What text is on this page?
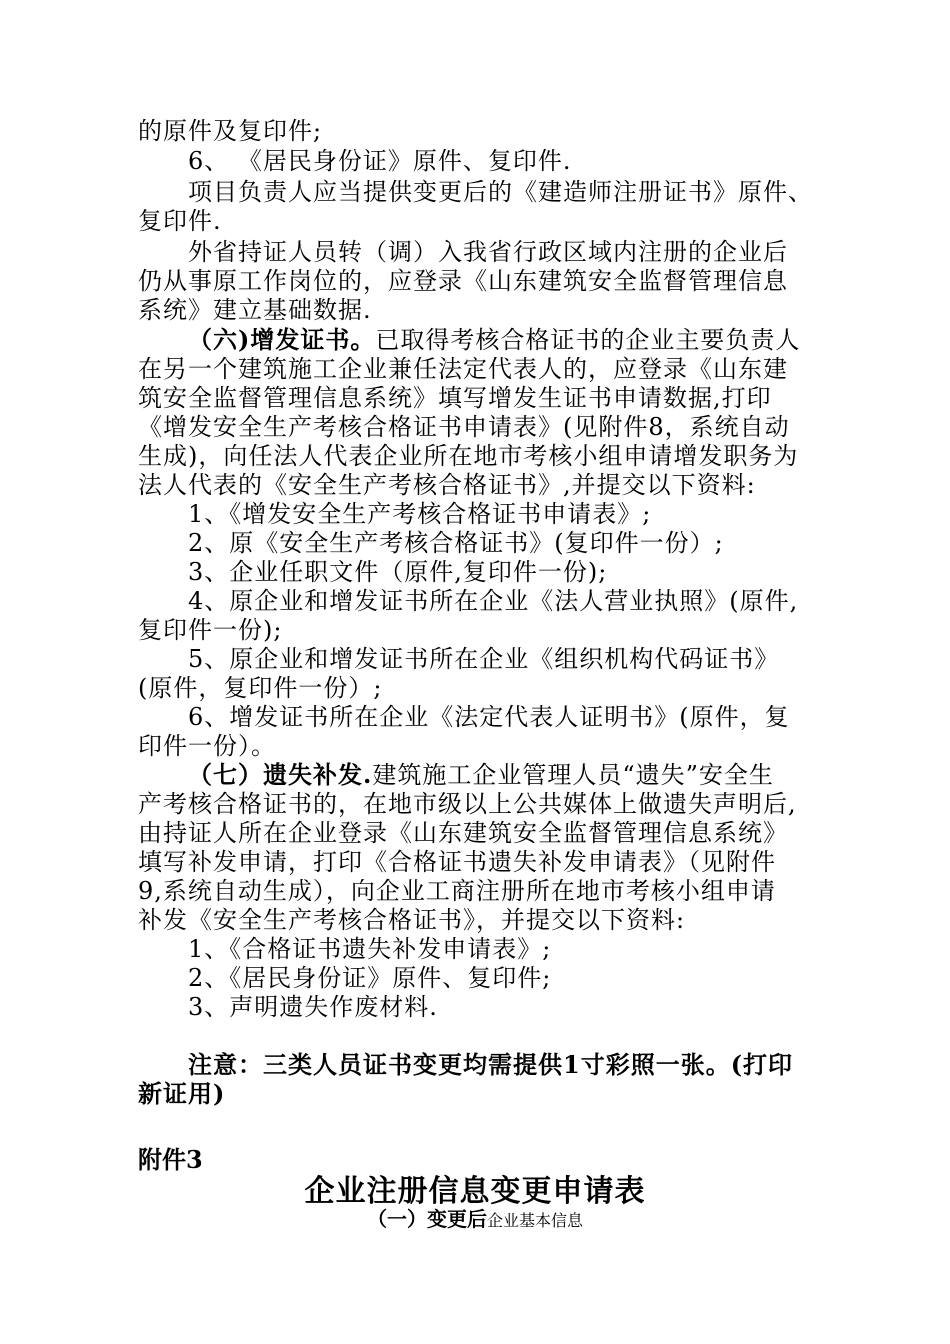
的原件及复印件;
6、 《居民身份证》原件、复印件.
项目负责人应当提供变更后的《建造师注册证书》原件、
复印件.
外省持证人员转（调）入我省行政区域内注册的企业后
仍从事原工作岗位的，应登录《山东建筑安全监督管理信息
系统》建立基础数据.
（六)增发证书。已取得考核合格证书的企业主要负责人
在另一个建筑施工企业兼任法定代表人的，应登录《山东建
筑安全监督管理信息系统》填写增发生证书申请数据,打印
《增发安全生产考核合格证书申请表》(见附件8，系统自动
生成)，向任法人代表企业所在地市考核小组申请增发职务为
法人代表的《安全生产考核合格证书》,并提交以下资料:
1、《增发安全生产考核合格证书申请表》;
2、原《安全生产考核合格证书》(复印件一份）;
3、企业任职文件（原件,复印件一份);
4、原企业和增发证书所在企业《法人营业执照》(原件,
复印件一份);
5、原企业和增发证书所在企业《组织机构代码证书》
(原件，复印件一份）;
6、增发证书所在企业《法定代表人证明书》(原件，复
印件一份）。
（七）遗失补发.建筑施工企业管理人员“遗失”安全生
产考核合格证书的，在地市级以上公共媒体上做遗失声明后,
由持证人所在企业登录《山东建筑安全监督管理信息系统》
填写补发申请，打印《合格证书遗失补发申请表》（见附件
9,系统自动生成），向企业工商注册所在地市考核小组申请
补发《安全生产考核合格证书》，并提交以下资料:
1、《合格证书遗失补发申请表》;
2、《居民身份证》原件、复印件;
3、声明遗失作废材料.
注意：三类人员证书变更均需提供1寸彩照一张。(打印
新证用)
附件3
企业注册信息变更申请表
（一）变更后企业基本信息
